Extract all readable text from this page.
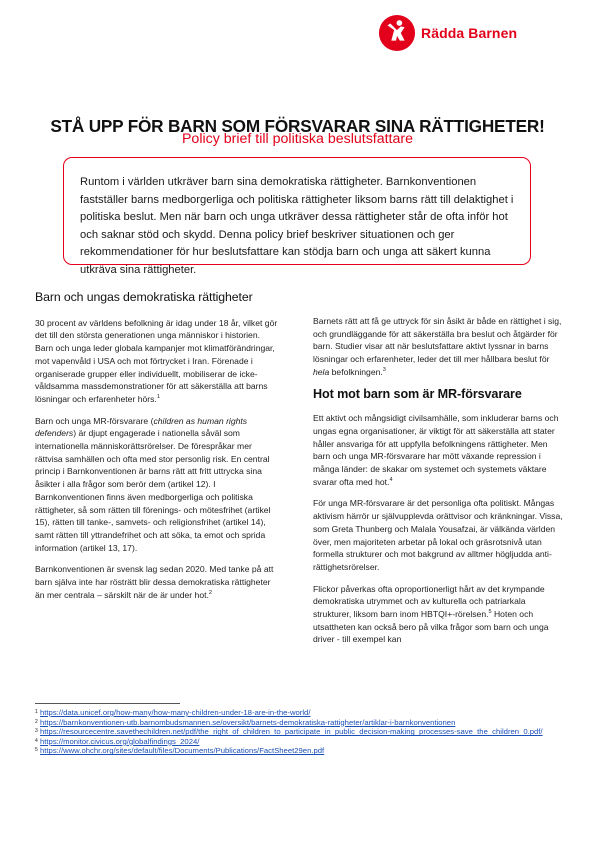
Rädda Barnen
STÅ UPP FÖR BARN SOM FÖRSVARAR SINA RÄTTIGHETER!
Policy brief till politiska beslutsfattare

Runtom i världen utkräver barn sina demokratiska rättigheter. Barnkonventionen fastställer barns medborgerliga och politiska rättigheter liksom barns rätt till delaktighet i politiska beslut. Men när barn och unga utkräver dessa rättigheter står de ofta inför hot och saknar stöd och skydd. Denna policy brief beskriver situationen och ger rekommendationer för hur beslutsfattare kan stödja barn och unga att säkert kunna utkräva sina rättigheter.

Barn och ungas demokratiska rättigheter

30 procent av världens befolkning är idag under 18 år, vilket gör det till den största generationen unga människor i historien. Barn och unga leder globala kampanjer mot klimatförändringar, mot vapenvåld i USA och mot förtrycket i Iran. Förenade i organiserade grupper eller individuellt, mobiliserar de icke-våldsamma massdemonstrationer för att säkerställa att barns lösningar och erfarenheter hörs.$^1$

Barn och unga MR-försvarare (children as human rights defenders) är djupt engagerade i nationella såväl som internationella människorättsrörelser. De förespråkar mer rättvisa samhällen och ofta med stor personlig risk. En central princip i Barnkonventionen är barns rätt att fritt uttrycka sina åsikter i alla frågor som berör dem (artikel 12). I Barnkonventionen finns även medborgerliga och politiska rättigheter, så som rätten till förenings- och mötesfrihet (artikel 15), rätten till tanke-, samvets- och religionsfrihet (artikel 14), samt rätten till yttrandefrihet och att söka, ta emot och sprida information (artikel 13, 17).

Barnkonventionen är svensk lag sedan 2020. Med tanke på att barn själva inte har rösträtt blir dessa demokratiska rättigheter än mer centrala – särskilt när de är under hot.$^2$

Barnets rätt att få ge uttryck för sin åsikt är både en rättighet i sig, och grundläggande för att säkerställa bra beslut och åtgärder för barn. Studier visar att när beslutsfattare aktivt lyssnar in barns lösningar och erfarenheter, leder det till mer hållbara beslut för hela befolkningen.$^3$

Hot mot barn som är MR-försvarare

Ett aktivt och mångsidigt civilsamhälle, som inkluderar barns och ungas egna organisationer, är viktigt för att säkerställa att stater håller ansvariga för att uppfylla befolkningens rättigheter. Men barn och unga MR-försvarare har mött växande repression i många länder: de skakar om systemet och systemets väktare svarar ofta med hot.$^4$

För unga MR-försvarare är det personliga ofta politiskt. Mångas aktivism härrör ur självupplevda orättvisor och kränkningar. Vissa, som Greta Thunberg och Malala Yousafzai, är välkända världen över, men majoriteten arbetar på lokal och gräsrotsnivå utan formella strukturer och mot bakgrund av alltmer högljudda anti-rättighetsrörelser.

Flickor påverkas ofta oproportionerligt hårt av det krympande demokratiska utrymmet och av kulturella och patriarkala strukturer, liksom barn inom HBTQI+-rörelsen.$^5$ Hoten och utsattheten kan också bero på vilka frågor som barn och unga driver - till exempel kan

1 https://data.unicef.org/how-many/how-many-children-under-18-are-in-the-world/
2 https://barnkonventionen-utb.barnombudsmannen.se/oversikt/barnets-demokratiska-rattigheter/artiklar-i-barnkonventionen
3 https://resourcecentre.savethechildren.net/pdf/the_right_of_children_to_participate_in_public_decision-making_processes-save_the_children_0.pdf/
4 https://monitor.civicus.org/globalfindings_2024/
5 https://www.ohchr.org/sites/default/files/Documents/Publications/FactSheet29en.pdf
